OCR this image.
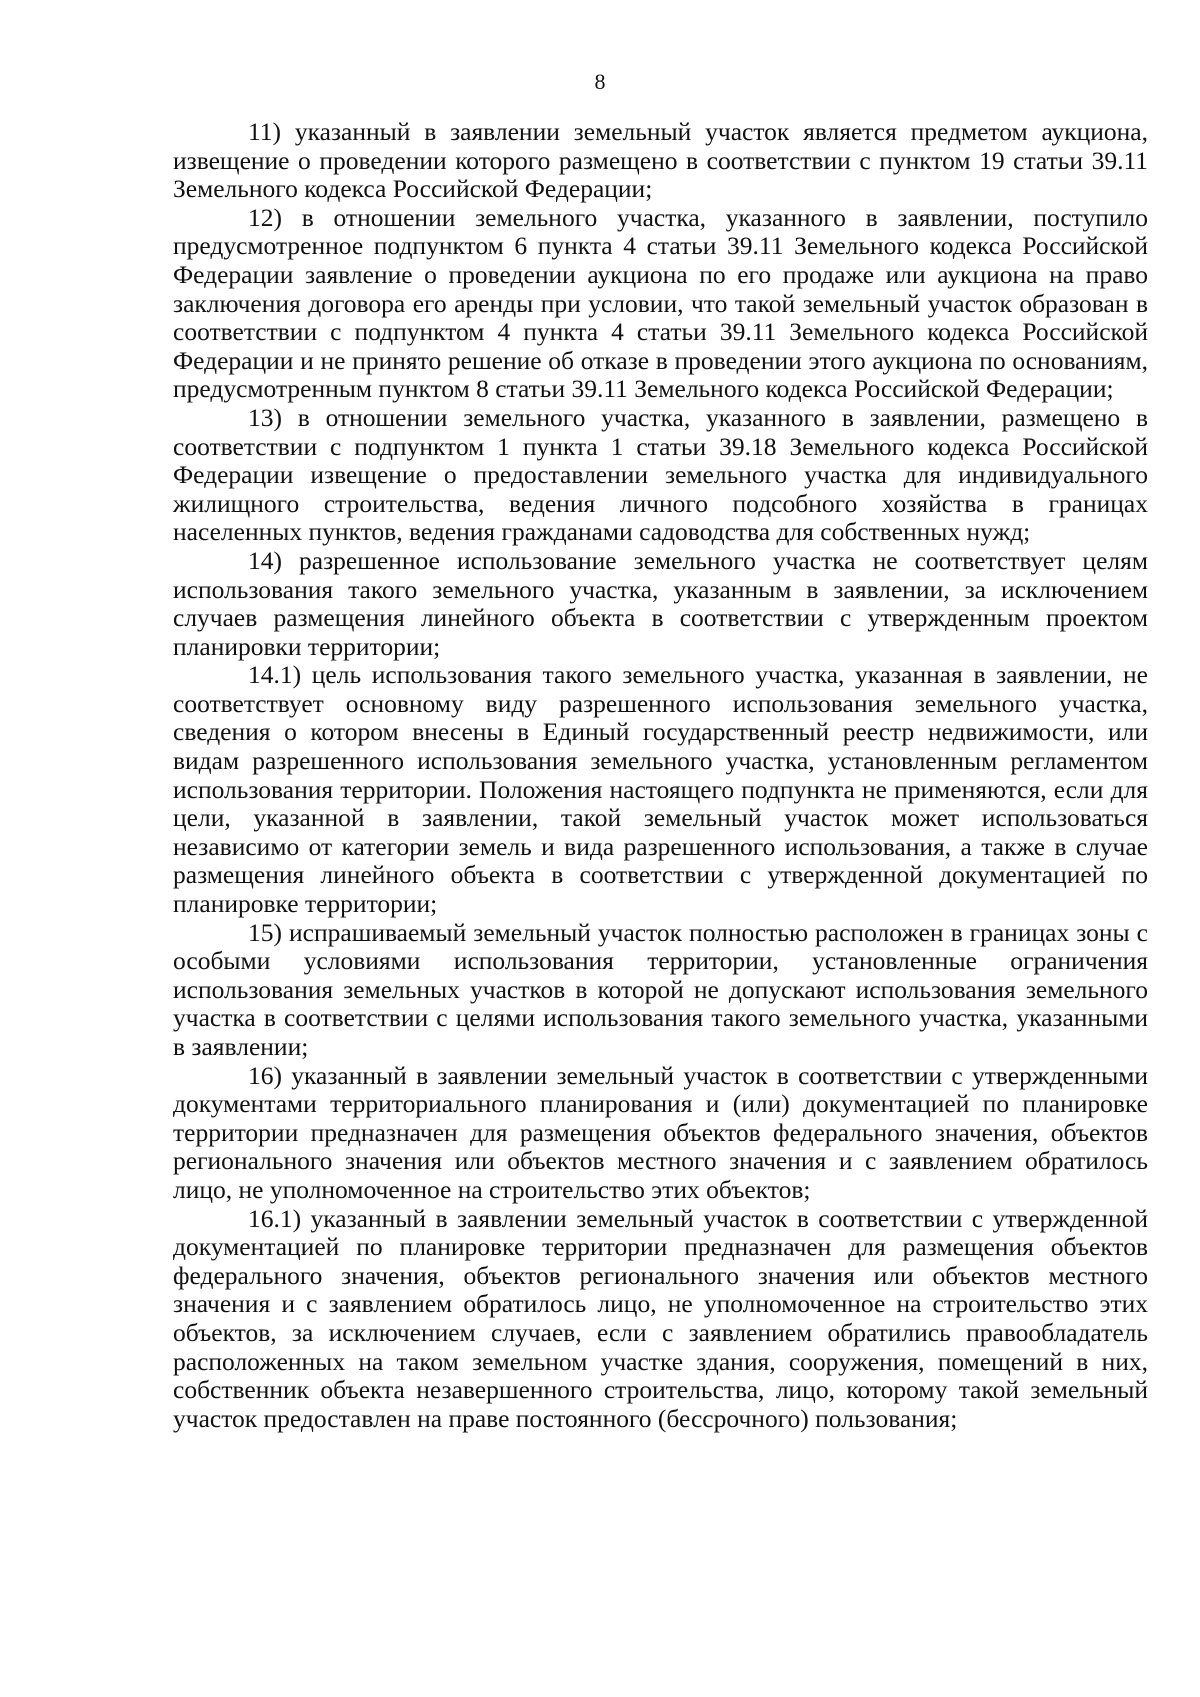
8

11) указанный в заявлении земельный участок является предметом аукциона, извещение о проведении которого размещено в соответствии с пунктом 19 статьи 39.11 Земельного кодекса Российской Федерации;

12) в отношении земельного участка, указанного в заявлении, поступило предусмотренное подпунктом 6 пункта 4 статьи 39.11 Земельного кодекса Российской Федерации заявление о проведении аукциона по его продаже или аукциона на право заключения договора его аренды при условии, что такой земельный участок образован в соответствии с подпунктом 4 пункта 4 статьи 39.11 Земельного кодекса Российской Федерации и не принято решение об отказе в проведении этого аукциона по основаниям, предусмотренным пунктом 8 статьи 39.11 Земельного кодекса Российской Федерации;

13) в отношении земельного участка, указанного в заявлении, размещено в соответствии с подпунктом 1 пункта 1 статьи 39.18 Земельного кодекса Российской Федерации извещение о предоставлении земельного участка для индивидуального жилищного строительства, ведения личного подсобного хозяйства в границах населенных пунктов, ведения гражданами садоводства для собственных нужд;

14) разрешенное использование земельного участка не соответствует целям использования такого земельного участка, указанным в заявлении, за исключением случаев размещения линейного объекта в соответствии с утвержденным проектом планировки территории;

14.1) цель использования такого земельного участка, указанная в заявлении, не соответствует основному виду разрешенного использования земельного участка, сведения о котором внесены в Единый государственный реестр недвижимости, или видам разрешенного использования земельного участка, установленным регламентом использования территории. Положения настоящего подпункта не применяются, если для цели, указанной в заявлении, такой земельный участок может использоваться независимо от категории земель и вида разрешенного использования, а также в случае размещения линейного объекта в соответствии с утвержденной документацией по планировке территории;

15) испрашиваемый земельный участок полностью расположен в границах зоны с особыми условиями использования территории, установленные ограничения использования земельных участков в которой не допускают использования земельного участка в соответствии с целями использования такого земельного участка, указанными в заявлении;

16) указанный в заявлении земельный участок в соответствии с утвержденными документами территориального планирования и (или) документацией по планировке территории предназначен для размещения объектов федерального значения, объектов регионального значения или объектов местного значения и с заявлением обратилось лицо, не уполномоченное на строительство этих объектов;

16.1) указанный в заявлении земельный участок в соответствии с утвержденной документацией по планировке территории предназначен для размещения объектов федерального значения, объектов регионального значения или объектов местного значения и с заявлением обратилось лицо, не уполномоченное на строительство этих объектов, за исключением случаев, если с заявлением обратились правообладатель расположенных на таком земельном участке здания, сооружения, помещений в них, собственник объекта незавершенного строительства, лицо, которому такой земельный участок предоставлен на праве постоянного (бессрочного) пользования;
